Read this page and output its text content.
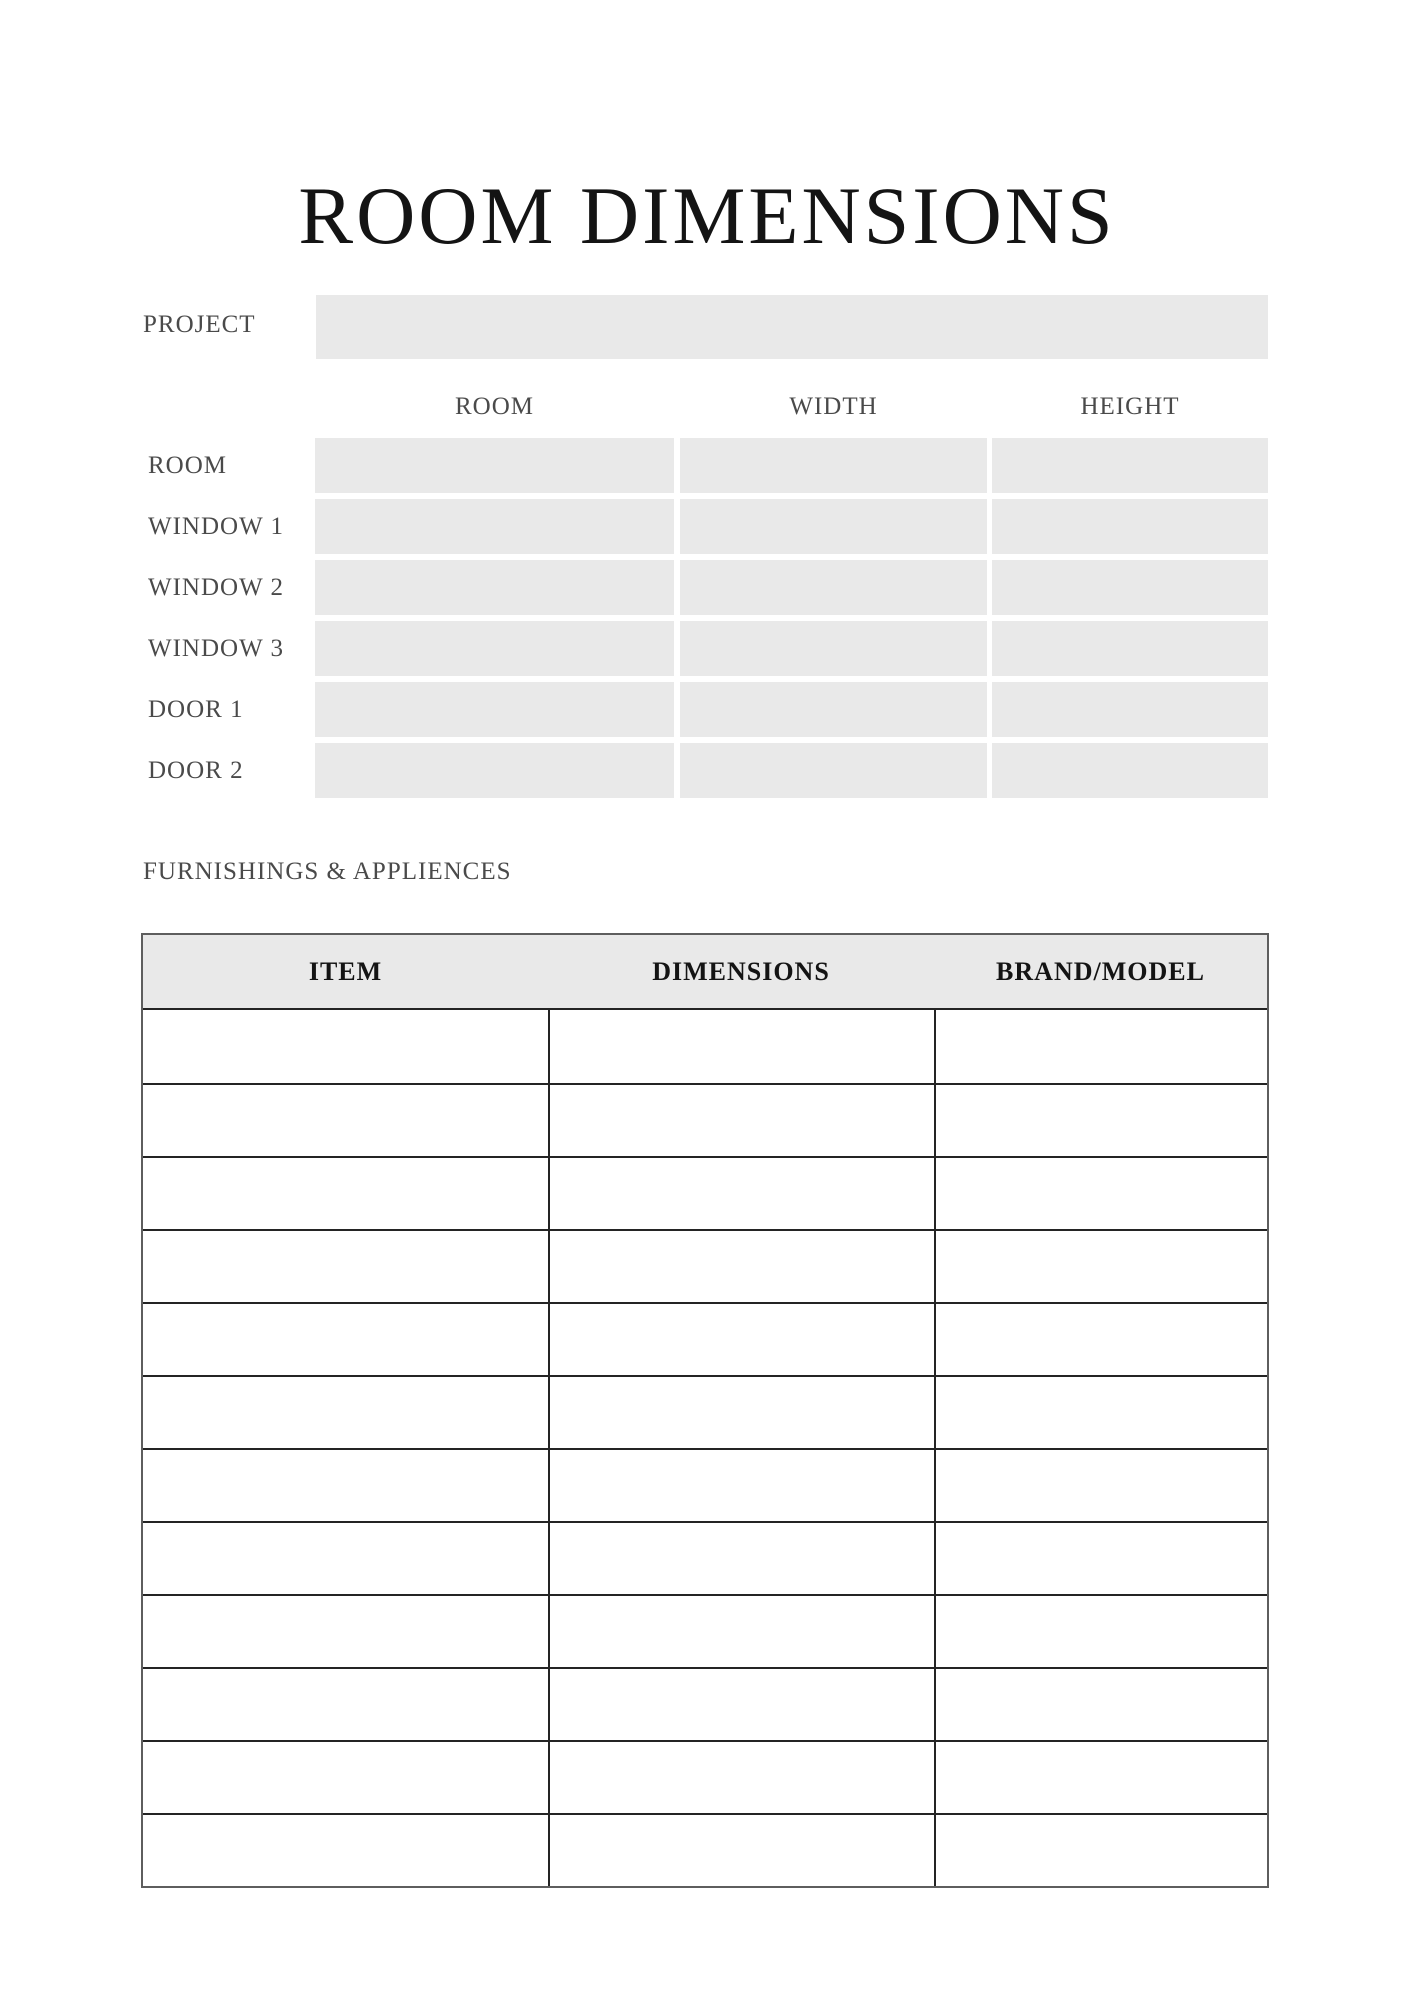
ROOM DIMENSIONS
PROJECT
ROOM	WIDTH	HEIGHT
ROOM
WINDOW 1
WINDOW 2
WINDOW 3
DOOR 1
DOOR 2
FURNISHINGS & APPLIENCES
ITEM	DIMENSIONS	BRAND/MODEL
